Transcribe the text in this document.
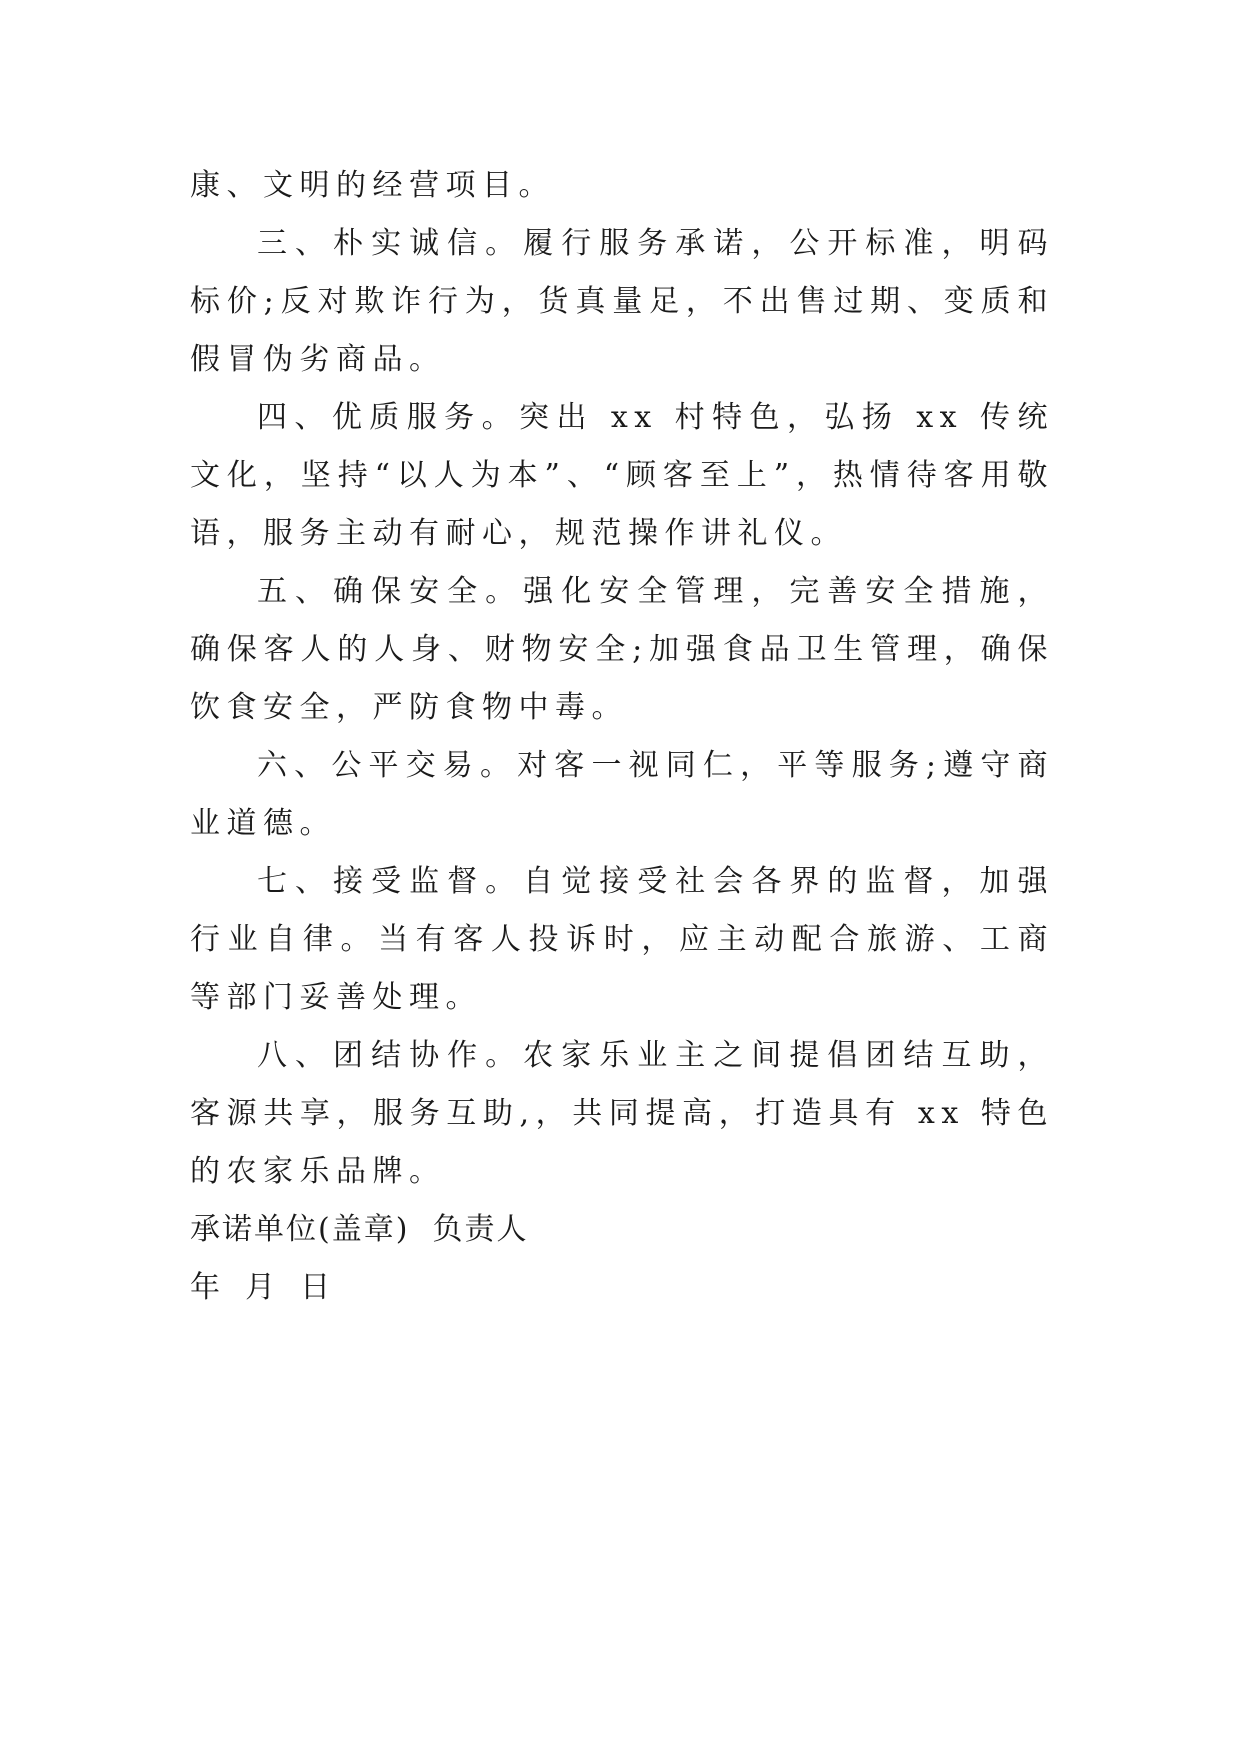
康、文明的经营项目。

三、朴实诚信。履行服务承诺，公开标准，明码标价;反对欺诈行为，货真量足，不出售过期、变质和假冒伪劣商品。

四、优质服务。突出 xx 村特色，弘扬 xx 传统文化，坚持“以人为本”、“顾客至上”，热情待客用敬语，服务主动有耐心，规范操作讲礼仪。

五、确保安全。强化安全管理，完善安全措施，确保客人的人身、财物安全;加强食品卫生管理，确保饮食安全，严防食物中毒。

六、公平交易。对客一视同仁，平等服务;遵守商业道德。

七、接受监督。自觉接受社会各界的监督，加强行业自律。当有客人投诉时，应主动配合旅游、工商等部门妥善处理。

八、团结协作。农家乐业主之间提倡团结互助，客源共享，服务互助,，共同提高，打造具有 xx 特色的农家乐品牌。

承诺单位(盖章)  负责人

年  月  日
